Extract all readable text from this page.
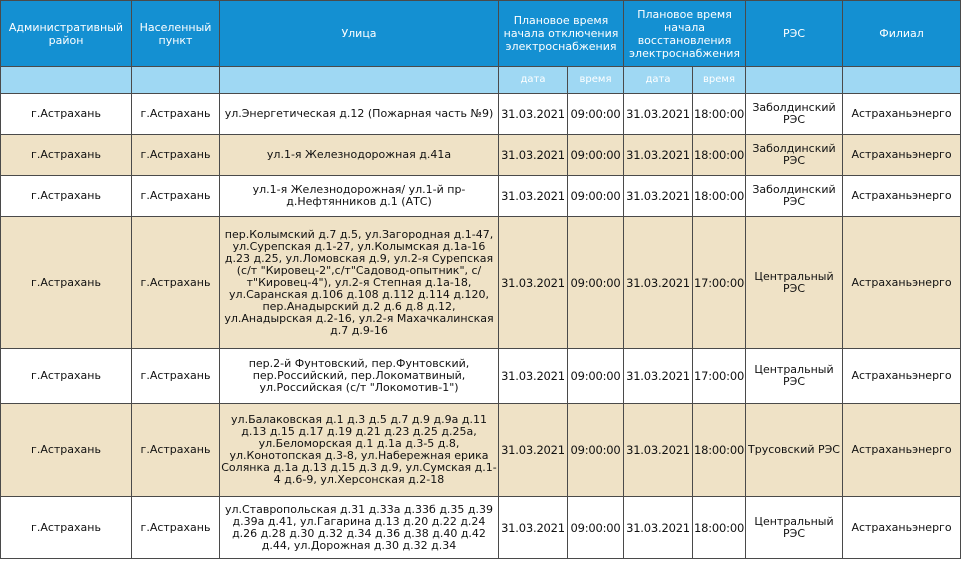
Административный район	Населенный пункт	Улица	Плановое время начала отключения электроснабжения		Плановое время начала восстановления электроснабжения		РЭС	Филиал
			дата	время	дата	время		
г.Астрахань	г.Астрахань	ул.Энергетическая д.12 (Пожарная часть №9)	31.03.2021	09:00:00	31.03.2021	18:00:00	Заболдинский РЭС	Астраханьэнерго
г.Астрахань	г.Астрахань	ул.1-я Железнодорожная д.41а	31.03.2021	09:00:00	31.03.2021	18:00:00	Заболдинский РЭС	Астраханьэнерго
г.Астрахань	г.Астрахань	ул.1-я Железнодорожная/ ул.1-й пр-д.Нефтянников д.1 (АТС)	31.03.2021	09:00:00	31.03.2021	18:00:00	Заболдинский РЭС	Астраханьэнерго
г.Астрахань	г.Астрахань	пер.Колымский д.7 д.5, ул.Загородная д.1-47, ул.Сурепская д.1-27, ул.Колымская д.1а-16 д.23 д.25, ул.Ломовская д.9, ул.2-я Сурепская (с/т "Кировец-2",с/т"Садовод-опытник", с/т"Кировец-4"), ул.2-я Степная д.1а-18, ул.Саранская д.106 д.108 д.112 д.114 д.120, пер.Анадырский д.2 д.6 д.8 д.12, ул.Анадырская д.2-16, ул.2-я Махачкалинская д.7 д.9-16	31.03.2021	09:00:00	31.03.2021	17:00:00	Центральный РЭС	Астраханьэнерго
г.Астрахань	г.Астрахань	пер.2-й Фунтовский, пер.Фунтовский, пер.Российский, пер.Локоматвиный, ул.Российская (с/т "Локомотив-1")	31.03.2021	09:00:00	31.03.2021	17:00:00	Центральный РЭС	Астраханьэнерго
г.Астрахань	г.Астрахань	ул.Балаковская д.1 д.3 д.5 д.7 д.9 д.9а д.11 д.13 д.15 д.17 д.19 д.21 д.23 д.25 д.25а, ул.Беломорская д.1 д.1а д.3-5 д.8, ул.Конотопская д.3-8, ул.Набережная ерика Солянка д.1а д.13 д.15 д.3 д.9, ул.Сумская д.1-4 д.6-9, ул.Херсонская д.2-18	31.03.2021	09:00:00	31.03.2021	18:00:00	Трусовский РЭС	Астраханьэнерго
г.Астрахань	г.Астрахань	ул.Ставропольская д.31 д.33а д.33б д.35 д.39 д.39а д.41, ул.Гагарина д.13 д.20 д.22 д.24 д.26 д.28 д.30 д.32 д.34 д.36 д.38 д.40 д.42 д.44, ул.Дорожная д.30 д.32 д.34	31.03.2021	09:00:00	31.03.2021	18:00:00	Центральный РЭС	Астраханьэнерго
